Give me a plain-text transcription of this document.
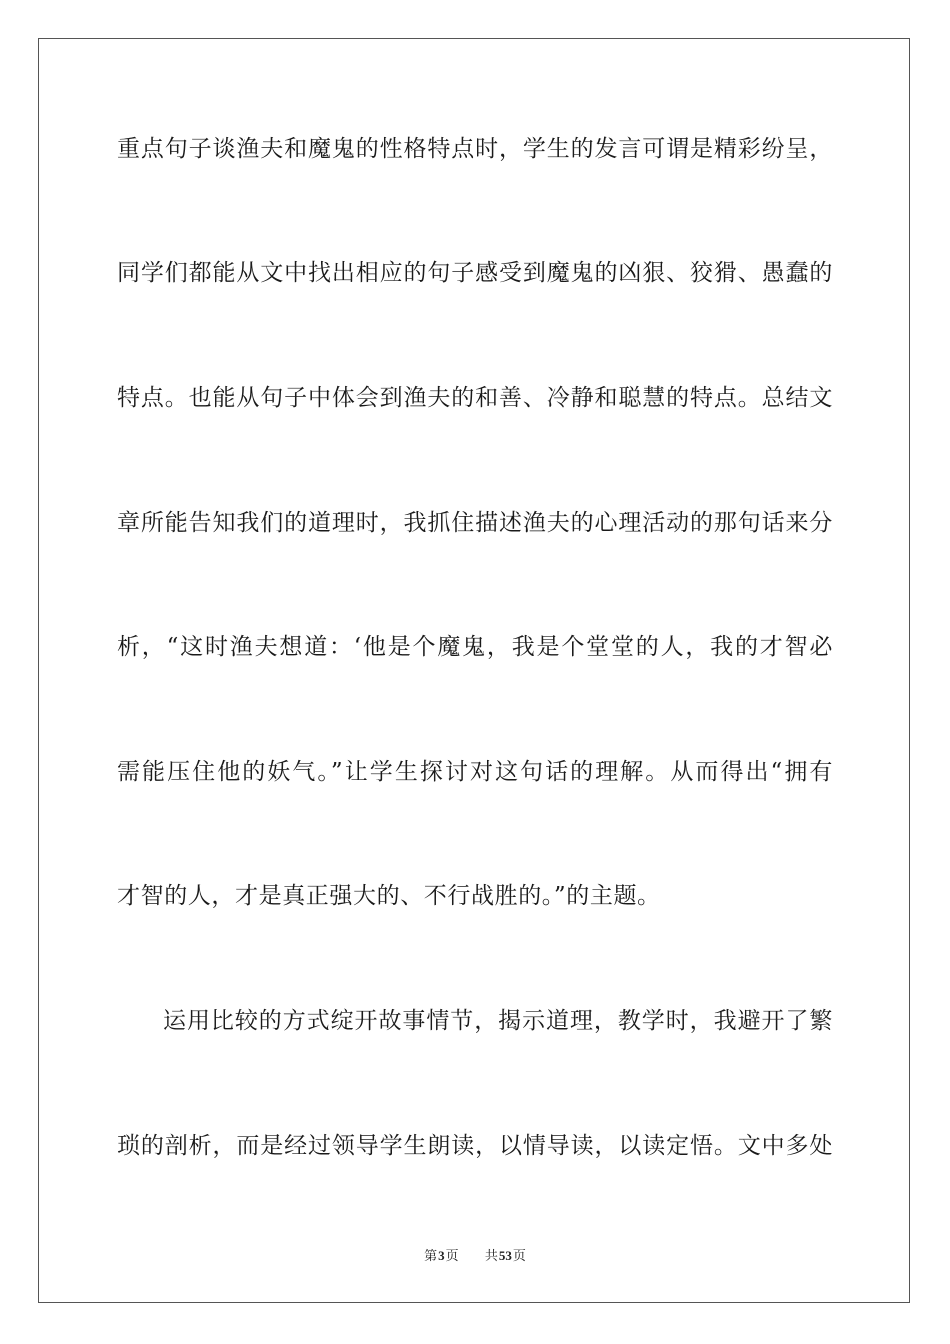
重点句子谈渔夫和魔鬼的性格特点时，学生的发言可谓是精彩纷呈，
同学们都能从文中找出相应的句子感受到魔鬼的凶狠、狡猾、愚蠢的
特点。也能从句子中体会到渔夫的和善、冷静和聪慧的特点。总结文
章所能告知我们的道理时，我抓住描述渔夫的心理活动的那句话来分
析，“这时渔夫想道：‘他是个魔鬼，我是个堂堂的人，我的才智必
需能压住他的妖气。”让学生探讨对这句话的理解。从而得出“拥有
才智的人，才是真正强大的、不行战胜的。”的主题。
运用比较的方式绽开故事情节，揭示道理，教学时，我避开了繁
琐的剖析，而是经过领导学生朗读，以情导读，以读定悟。文中多处
第3页 共53页
